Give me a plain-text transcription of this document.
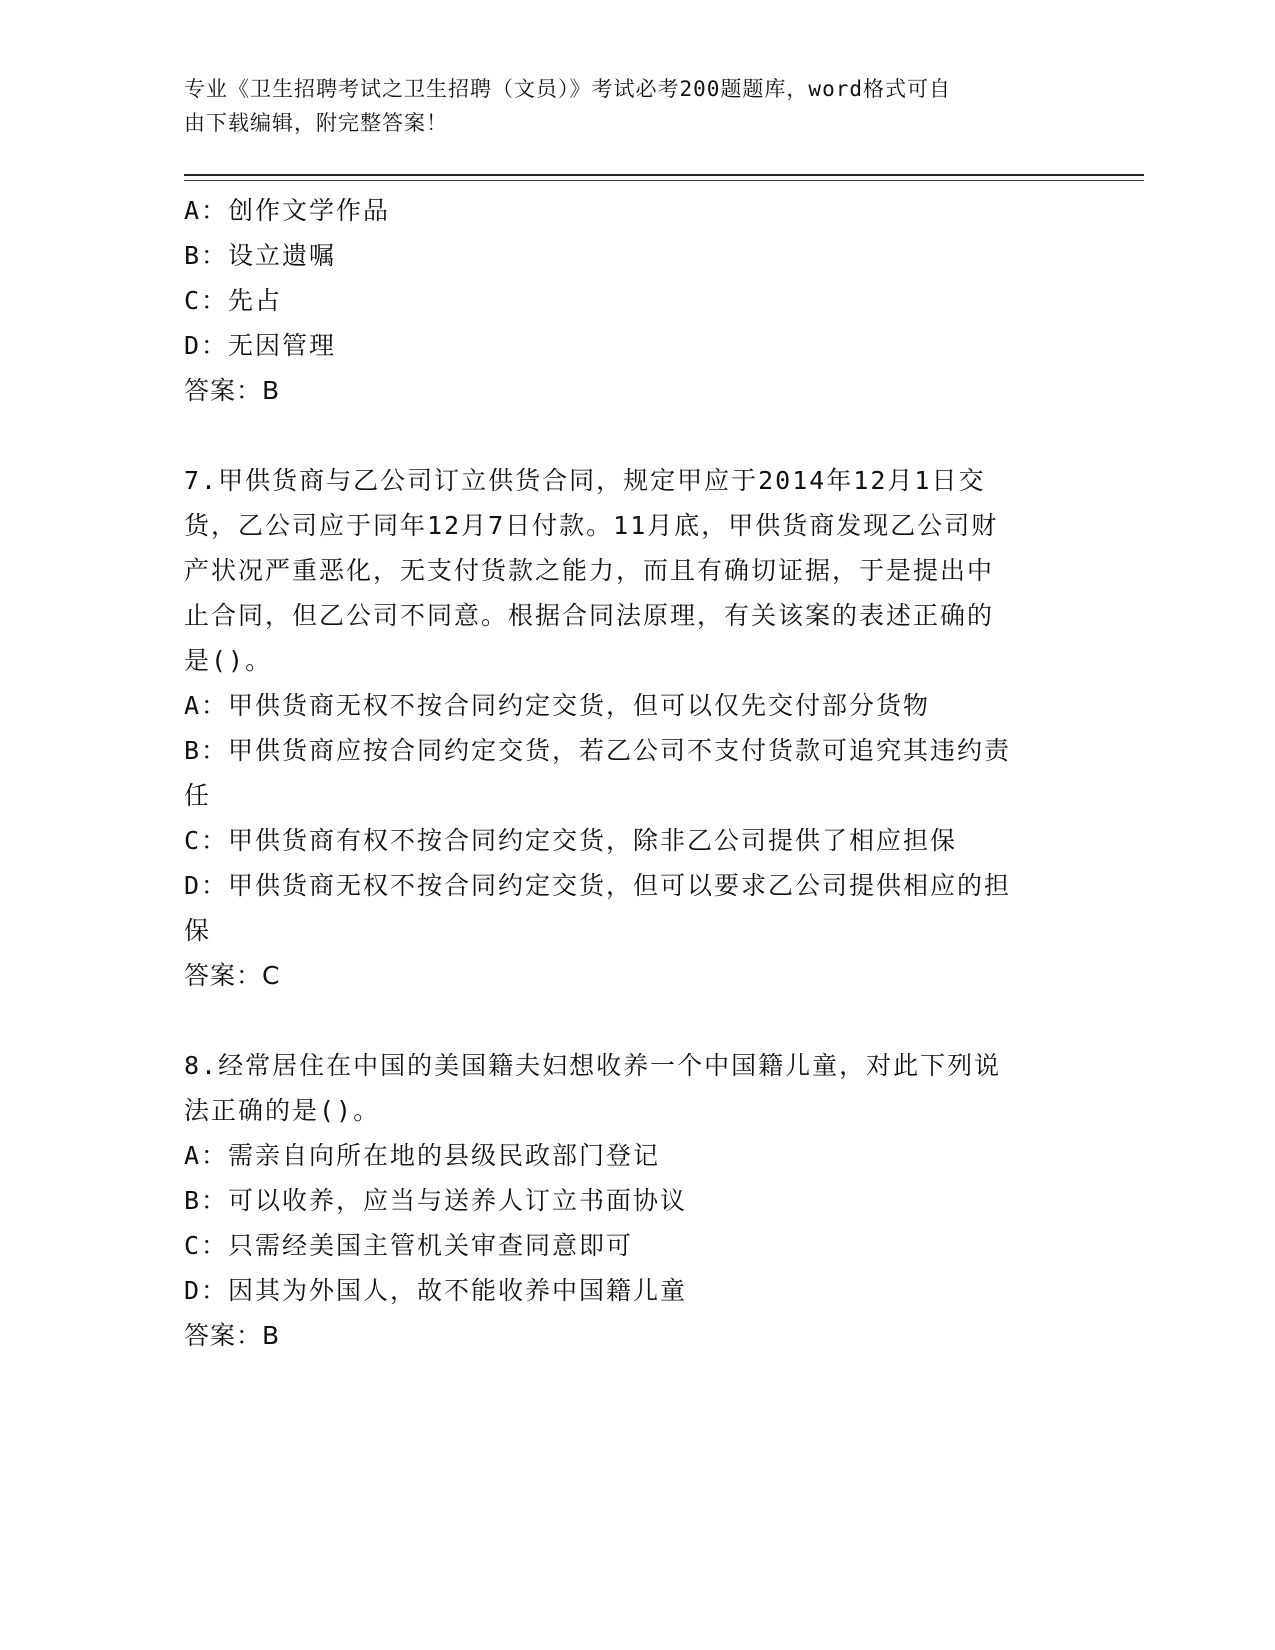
专业《卫生招聘考试之卫生招聘（文员）》考试必考200题题库，word格式可自
由下载编辑，附完整答案！
A：创作文学作品
B：设立遗嘱
C：先占
D：无因管理
答案：B
7.甲供货商与乙公司订立供货合同，规定甲应于2014年12月1日交
货，乙公司应于同年12月7日付款。11月底，甲供货商发现乙公司财
产状况严重恶化，无支付货款之能力，而且有确切证据，于是提出中
止合同，但乙公司不同意。根据合同法原理，有关该案的表述正确的
是()。
A：甲供货商无权不按合同约定交货，但可以仅先交付部分货物
B：甲供货商应按合同约定交货，若乙公司不支付货款可追究其违约责
任
C：甲供货商有权不按合同约定交货，除非乙公司提供了相应担保
D：甲供货商无权不按合同约定交货，但可以要求乙公司提供相应的担
保
答案：C
8.经常居住在中国的美国籍夫妇想收养一个中国籍儿童，对此下列说
法正确的是()。
A：需亲自向所在地的县级民政部门登记
B：可以收养，应当与送养人订立书面协议
C：只需经美国主管机关审查同意即可
D：因其为外国人，故不能收养中国籍儿童
答案：B
